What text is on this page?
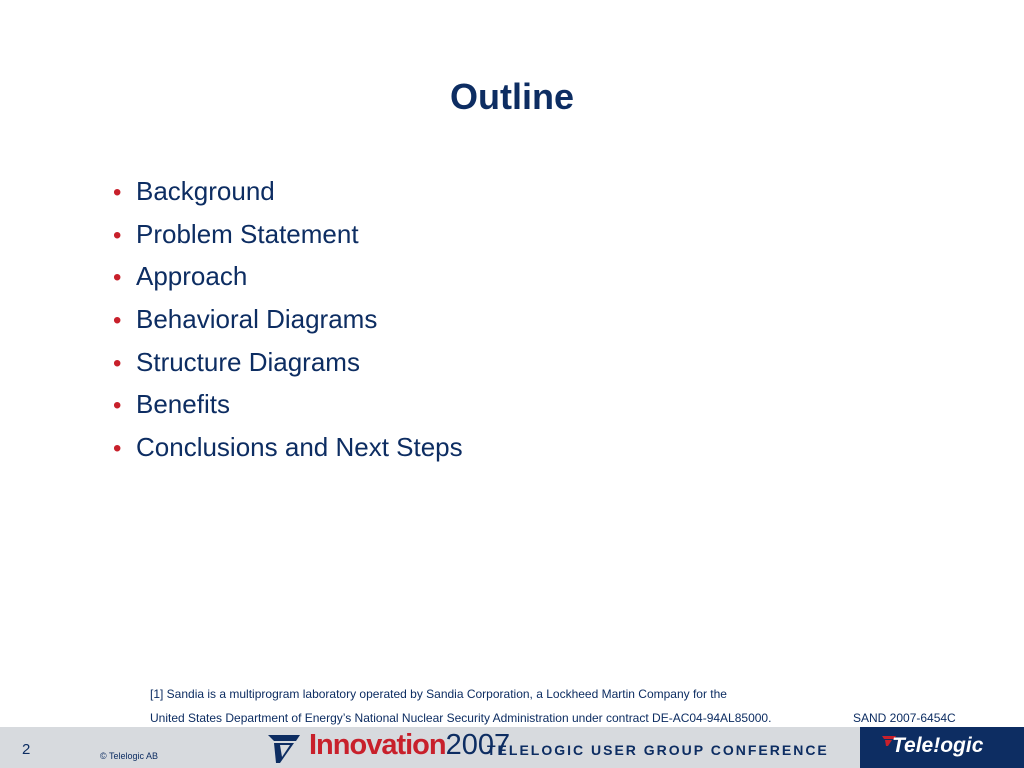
Outline
• Background
• Problem Statement
• Approach
• Behavioral Diagrams
• Structure Diagrams
• Benefits
• Conclusions and Next Steps
[1] Sandia is a multiprogram laboratory operated by Sandia Corporation, a Lockheed Martin Company for the
United States Department of Energy’s National Nuclear Security Administration under contract DE-AC04-94AL85000.	SAND 2007-6454C
2	© Telelogic AB	Innovation2007
TELELOGIC USER GROUP CONFERENCE	Tele!ogic
